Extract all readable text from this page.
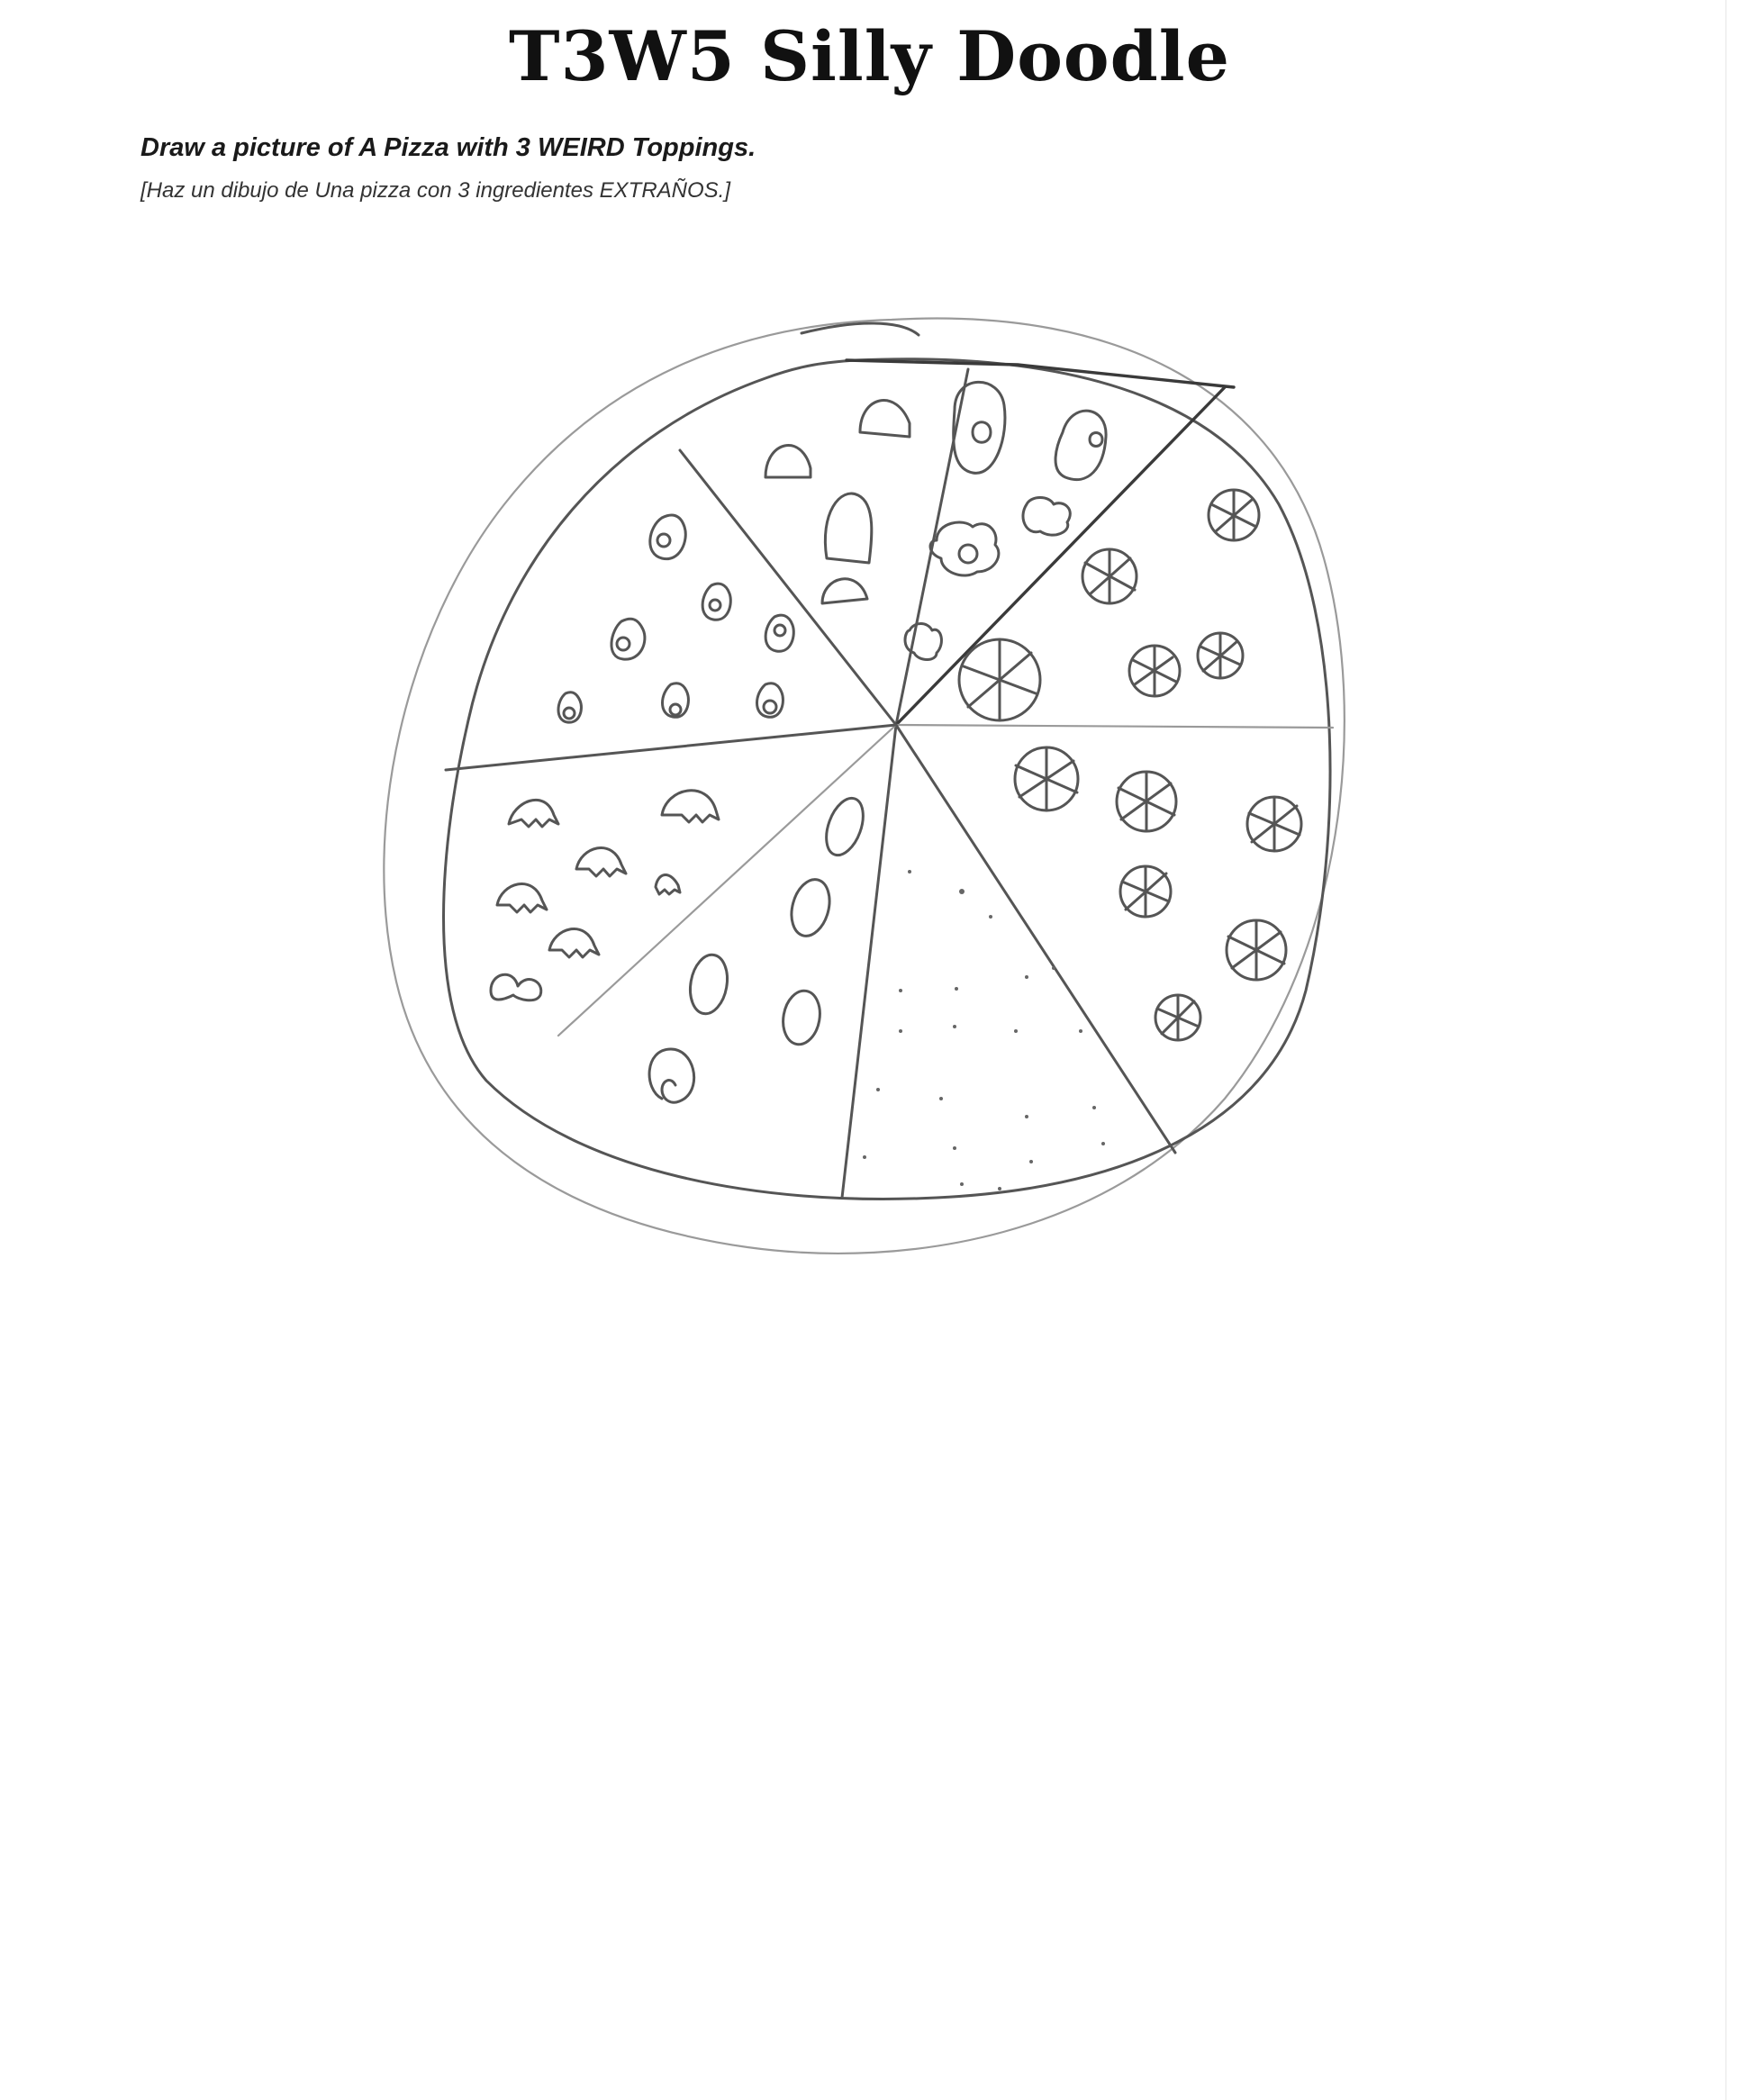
T3W5 Silly Doodle
Draw a picture of A Pizza with 3 WEIRD Toppings.
[Haz un dibujo de Una pizza con 3 ingredientes EXTRAÑOS.]
